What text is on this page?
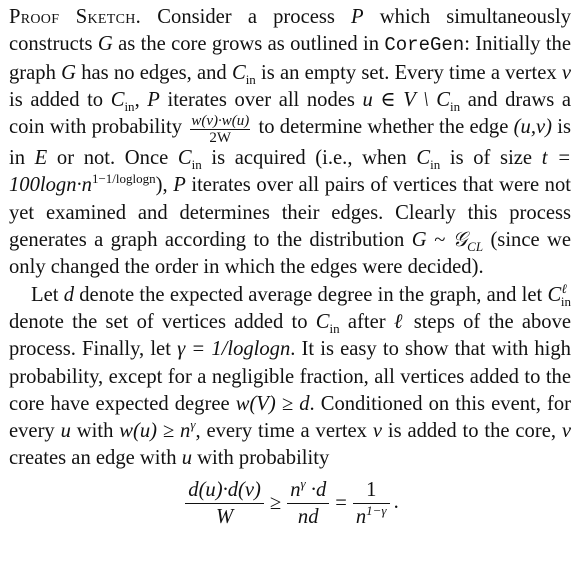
Proof Sketch. Consider a process P which simultaneously constructs G as the core grows as outlined in CoreGen: Initially the graph G has no edges, and $C_{in}$ is an empty set. Every time a vertex v is added to $C_{in}$, P iterates over all nodes u ∈ V \ $C_{in}$ and draws a coin with probability $\frac{w(v)\cdot w(u)}{2W}$ to determine whether the edge (u,v) is in E or not. Once $C_{in}$ is acquired (i.e., when $C_{in}$ is of size $t = 100\log n\cdot n^{1-1/loglogn}$), P iterates over all pairs of vertices that were not yet examined and determines their edges. Clearly this process generates a graph according to the distribution G ~ 𝒢$_{CL}$ (since we only changed the order in which the edges were decided).

Let d denote the expected average degree in the graph, and let $C^\ell_{in}$ denote the set of vertices added to $C_{in}$ after ℓ steps of the above process. Finally, let γ = 1/loglogn. It is easy to show that with high probability, except for a negligible fraction, all vertices added to the core have expected degree w(V) ≥ d. Conditioned on this event, for every u with $w(u) \ge n^\gamma$, every time a vertex v is added to the core, v creates an edge with u with probability

$\frac{d(u)\cdot d(v)}{W} \ge \frac{n^\gamma \cdot d}{nd} = \frac{1}{n^{1-\gamma}}$ .
